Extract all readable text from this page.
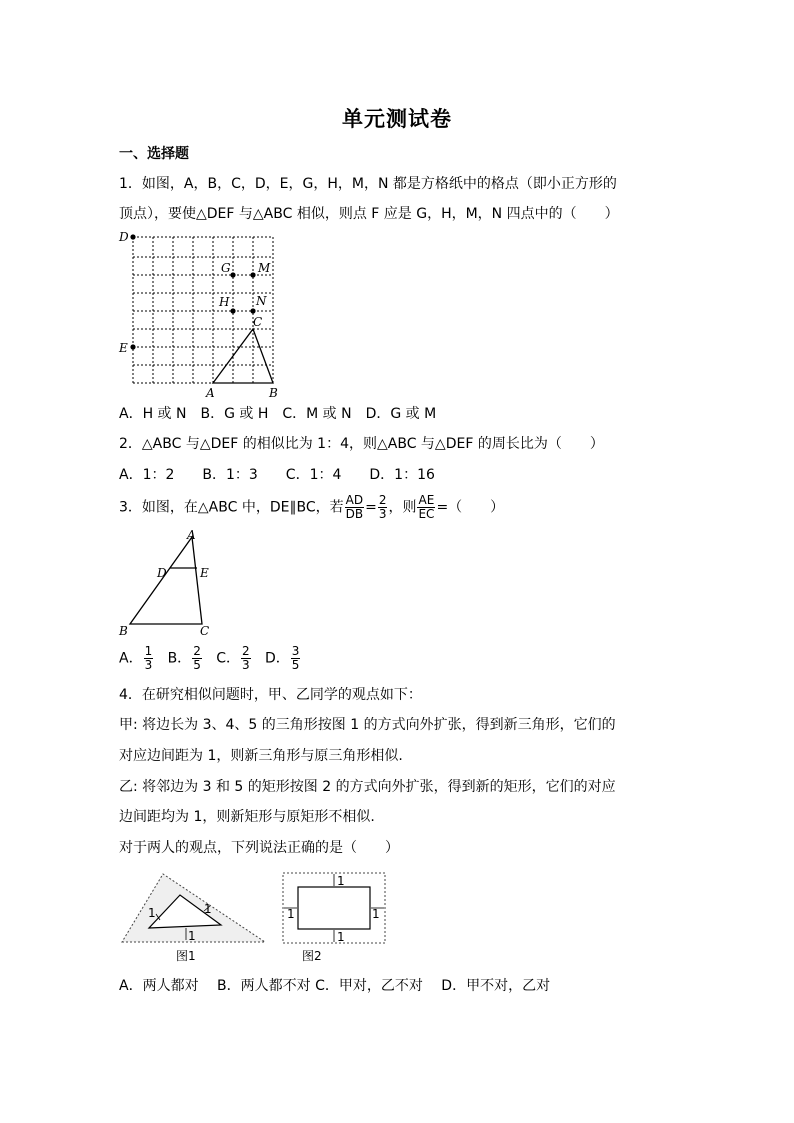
单元测试卷
一、选择题
1．如图，A，B，C，D，E，G，H，M，N 都是方格纸中的格点（即小正方形的
顶点），要使△DEF 与△ABC 相似，则点 F 应是 G，H，M，N 四点中的（　　）
D
E
G M
H N
C
A	B
A．H 或 N　B．G 或 H　C．M 或 N　D．G 或 M
2．△ABC 与△DEF 的相似比为 1：4，则△ABC 与△DEF 的周长比为（　　）
A．1：2　　B．1：3　　C．1：4　　D．1：16
3．如图，在△ABC 中，DE∥BC，若 $\frac{AD}{DB} = \frac{2}{3}$ ，则 $\frac{AE}{EC}$ =（　　）
A
D	E
B	C
A． $\frac{1}{3}$ B． $\frac{2}{5}$ C． $\frac{2}{3}$ D． $\frac{3}{5}$
4．在研究相似问题时，甲、乙同学的观点如下：
甲: 将边长为 3、4、5 的三角形按图 1 的方式向外扩张，得到新三角形，它们的
对应边间距为 1，则新三角形与原三角形相似.
乙: 将邻边为 3 和 5 的矩形按图 2 的方式向外扩张，得到新的矩形，它们的对应
边间距均为 1，则新矩形与原矩形不相似.
对于两人的观点，下列说法正确的是（　　）
1	1
1
图1
1
1
1	1
图2
A．两人都对　 B．两人都不对 C．甲对，乙不对　 D．甲不对，乙对
